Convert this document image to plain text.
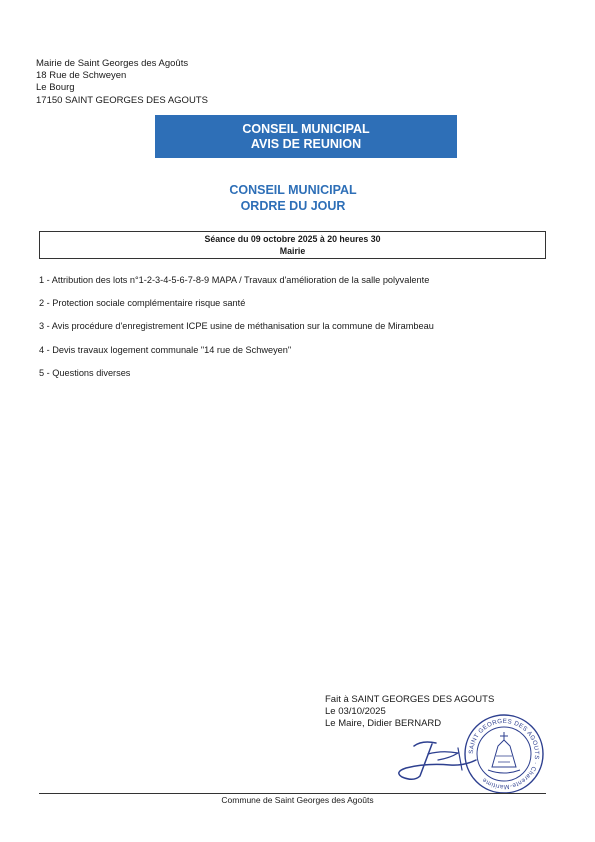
Mairie de Saint Georges des Agoûts
18 Rue de Schweyen
Le Bourg
17150 SAINT GEORGES DES AGOUTS
CONSEIL MUNICIPAL
AVIS DE REUNION
CONSEIL MUNICIPAL
ORDRE DU JOUR
Séance du 09 octobre 2025 à 20 heures 30
Mairie
1 - Attribution des lots n°1-2-3-4-5-6-7-8-9 MAPA / Travaux d'amélioration de la salle polyvalente
2 - Protection sociale complémentaire risque santé
3 - Avis procédure d'enregistrement ICPE usine de méthanisation sur la commune de Mirambeau
4 - Devis travaux logement communale "14 rue de Schweyen"
5 - Questions diverses
Fait à SAINT GEORGES DES AGOUTS
Le 03/10/2025
Le Maire, Didier BERNARD
SAINT GEORGES DES AGOUTS · Charente-Maritime
Commune de Saint Georges des Agoûts
